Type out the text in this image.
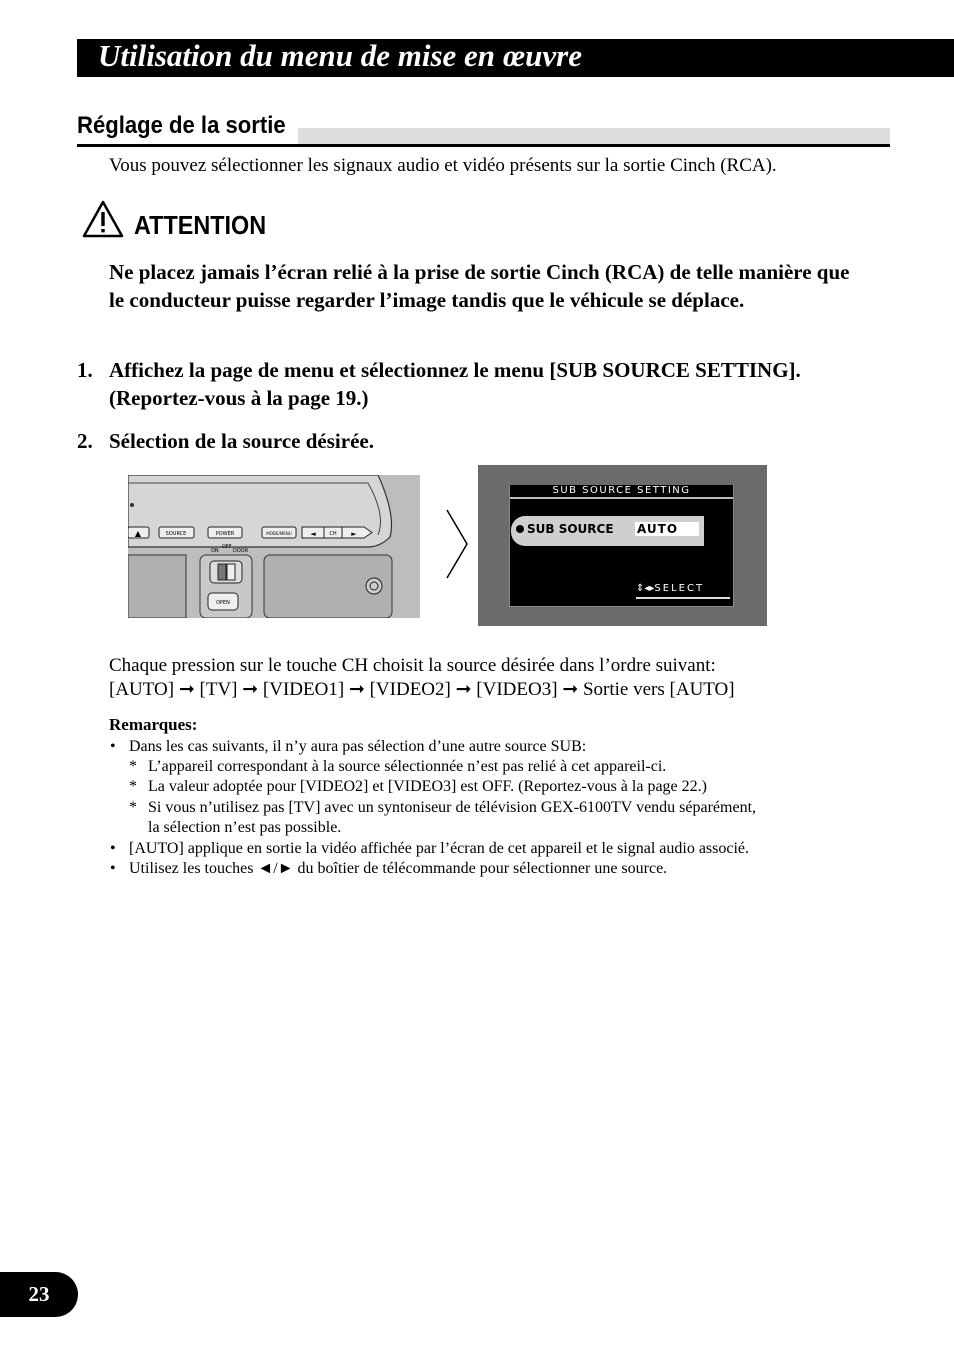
Utilisation du menu de mise en œuvre
Réglage de la sortie
Vous pouvez sélectionner les signaux audio et vidéo présents sur la sortie Cinch (RCA).
ATTENTION
Ne placez jamais l’écran relié à la prise de sortie Cinch (RCA) de telle manière que le conducteur puisse regarder l’image tandis que le véhicule se déplace.
1. Affichez la page de menu et sélectionnez le menu [SUB SOURCE SETTING]. (Reportez-vous à la page 19.)
2. Sélection de la source désirée.
▲	SOURCE	POWER	MODE/MENU	◄	CH ►
ON
OFF
DOOR
OPEN
SUB SOURCE SETTING
SUB SOURCE AUTO
⇕◂▸SELECT
Chaque pression sur le touche CH choisit la source désirée dans l’ordre suivant:
[AUTO] ➞ [TV] ➞ [VIDEO1] ➞ [VIDEO2] ➞ [VIDEO3] ➞ Sortie vers [AUTO]
Remarques:
• Dans les cas suivants, il n’y aura pas sélection d’une autre source SUB:
* L’appareil correspondant à la source sélectionnée n’est pas relié à cet appareil-ci.
* La valeur adoptée pour [VIDEO2] et [VIDEO3] est OFF. (Reportez-vous à la page 22.)
* Si vous n’utilisez pas [TV] avec un syntoniseur de télévision GEX-6100TV vendu séparément,
la sélection n’est pas possible.
• [AUTO] applique en sortie la vidéo affichée par l’écran de cet appareil et le signal audio associé.
• Utilisez les touches ◄/► du boîtier de télécommande pour sélectionner une source.
23
